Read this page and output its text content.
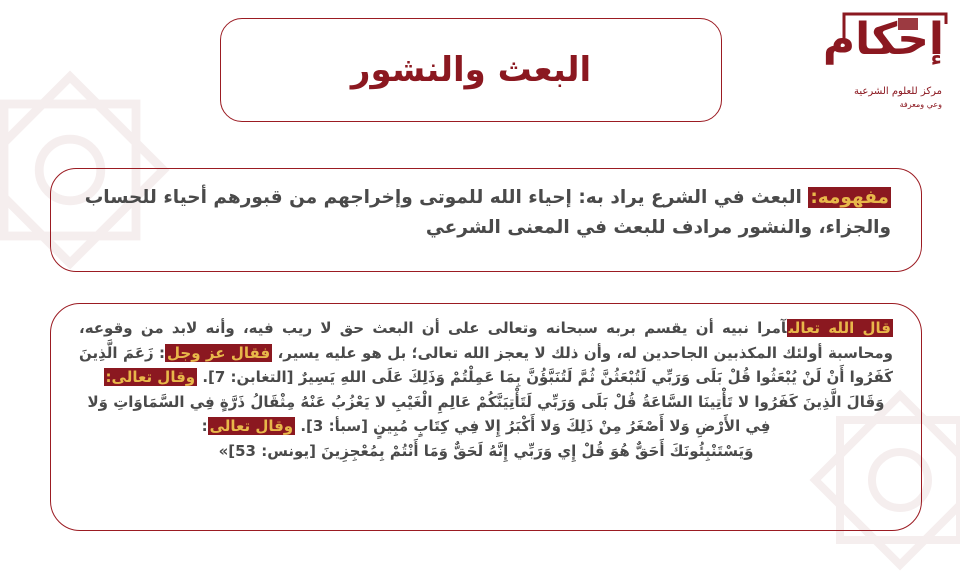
البعث والنشور
إحكام
مركز للعلوم الشرعية
وعي ومعرفة
مفهومه: البعث في الشرع يراد به: إحياء الله للموتى وإخراجهم من قبورهم أحياء للحساب والجزاء، والنشور مرادف للبعث في المعنى الشرعي
قال الله تعالىآمرا نبيه أن يقسم بربه سبحانه وتعالى على أن البعث حق لا ريب فيه، وأنه لابد من وقوعه، ومحاسبة أولئك المكذبين الجاحدين له، وأن ذلك لا يعجز الله تعالى؛ بل هو عليه يسير، فقال عز وجل: زَعَمَ الَّذِينَ كَفَرُوا أَنْ لَنْ يُبْعَثُوا قُلْ بَلَى وَرَبِّي لَتُبْعَثُنَّ ثُمَّ لَتُنَبَّؤُنَّ بِمَا عَمِلْتُمْ وَذَلِكَ عَلَى اللهِ يَسِيرٌ [التغابن: 7]. وقال تعالى:
وَقَالَ الَّذِينَ كَفَرُوا لا تَأْتِينَا السَّاعَةُ قُلْ بَلَى وَرَبِّي لَتَأْتِيَنَّكُمْ عَالِمِ الْغَيْبِ لا يَعْزُبُ عَنْهُ مِثْقَالُ ذَرَّةٍ فِي السَّمَاوَاتِ وَلا فِي الأَرْضِ وَلا أَصْغَرُ مِنْ ذَلِكَ وَلا أَكْبَرُ إِلا فِي كِتَابٍ مُبِينٍ [سبأ: 3]. وقال تعالى:
وَيَسْتَنْبِئُونَكَ أَحَقٌّ هُوَ قُلْ إِي وَرَبِّي إِنَّهُ لَحَقٌّ وَمَا أَنْتُمْ بِمُعْجِزِينَ [يونس: 53]»
